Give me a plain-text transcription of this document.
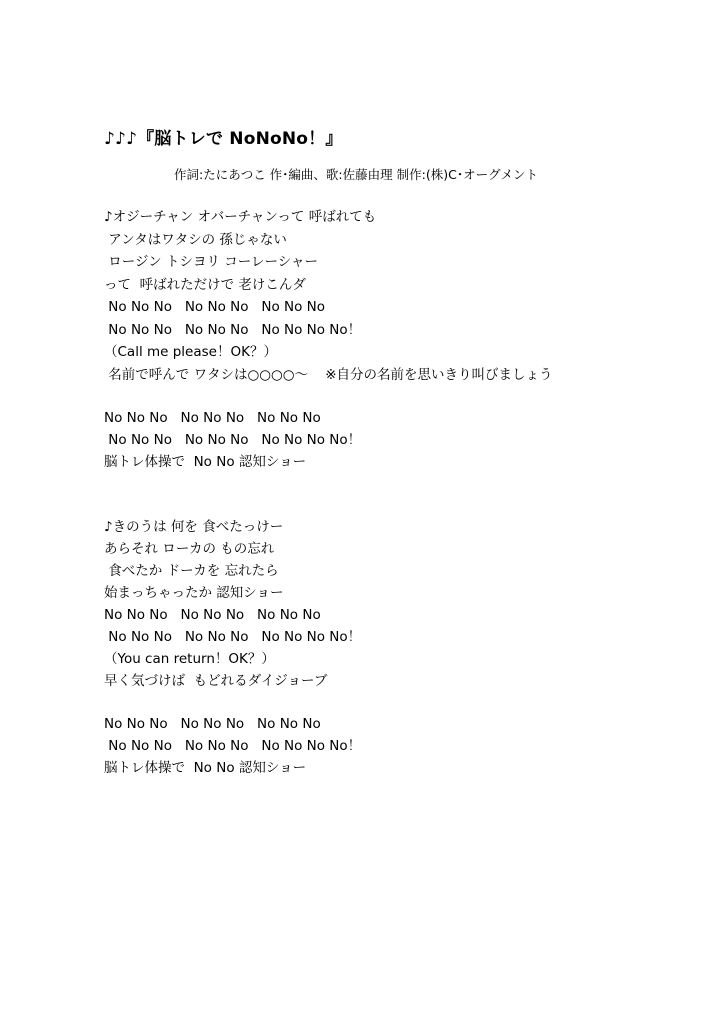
♪♪♪『脳トレで NoNoNo！』
作詞:たにあつこ 作･編曲、歌:佐藤由理 制作:(株)C･オーグメント
♪オジーチャン オバーチャンって 呼ばれても
アンタはワタシの 孫じゃない
ロージン トシヨリ コーレーシャー
って  呼ばれただけで 老けこんダ
No No No   No No No   No No No
No No No   No No No   No No No No！
（Call me please！OK？）
名前で呼んで ワタシは○○○○～    ※自分の名前を思いきり叫びましょう
No No No   No No No   No No No
No No No   No No No   No No No No！
脳トレ体操で  No No 認知ショー
♪きのうは 何を 食べたっけー
あらそれ ローカの もの忘れ
食べたか ドーカを 忘れたら
始まっちゃったか 認知ショー
No No No   No No No   No No No
No No No   No No No   No No No No！
（You can return！OK？）
早く気づけば  もどれるダイジョーブ
No No No   No No No   No No No
No No No   No No No   No No No No！
脳トレ体操で  No No 認知ショー
